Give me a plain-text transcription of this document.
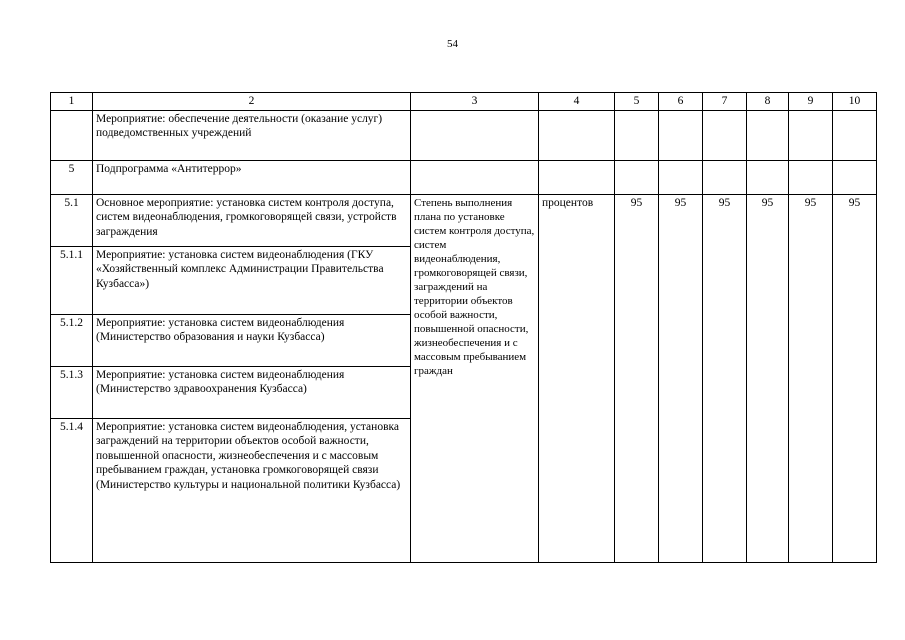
54
1	2	3	4	5	6	7	8	9	10
	Мероприятие: обеспечение деятельности (оказание услуг) подведомственных учреждений								
5	Подпрограмма «Антитеррор»								
5.1	Основное мероприятие: установка систем контроля доступа, систем видеонаблюдения, громкоговорящей связи, устройств заграждения	Степень выполнения плана по установке систем контроля доступа, систем видеонаблюдения, громкоговорящей связи, заграждений на территории объектов особой важности, повышенной опасности, жизнеобеспечения и с массовым пребыванием граждан	процентов	95	95	95	95	95	95
5.1.1	Мероприятие: установка систем видеонаблюдения (ГКУ «Хозяйственный комплекс Администрации Правительства Кузбасса»)								
5.1.2	Мероприятие: установка систем видеонаблюдения (Министерство образования и науки Кузбасса)								
5.1.3	Мероприятие: установка систем видеонаблюдения (Министерство здравоохранения Кузбасса)								
5.1.4	Мероприятие: установка систем видеонаблюдения, установка заграждений на территории объектов особой важности, повышенной опасности, жизнеобеспечения и с массовым пребыванием граждан, установка громкоговорящей связи (Министерство культуры и национальной политики Кузбасса)								
